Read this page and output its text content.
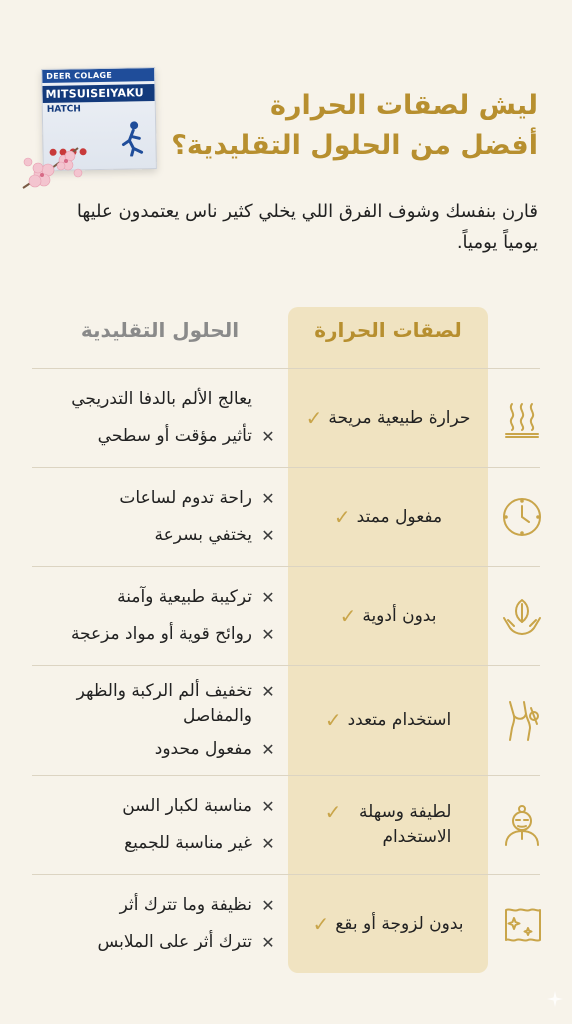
DEER COLAGE
MITSUISEIYAKU
HATCH	ليش لصقات الحرارة
أفضل من الحلول التقليدية؟
قارن بنفسك وشوف الفرق اللي يخلي كثير ناس يعتمدون عليها يومياً يومياً.
الحلول التقليدية	لصقات الحرارة
يعالج الألم بالدفا التدريجي
✕
تأثير مؤقت أو سطحي
حرارة طبيعية مريحة
✓
✕
راحة تدوم لساعات
✕
يختفي بسرعة
مفعول ممتد
✓
✕
تركيبة طبيعية وآمنة
✕
روائح قوية أو مواد مزعجة
بدون أدوية
✓
✕
تخفيف ألم الركبة والظهر والمفاصل
✕
مفعول محدود
استخدام متعدد
✓
✕
مناسبة لكبار السن
✕
غير مناسبة للجميع
لطيفة وسهلة الاستخدام
✓
✕
نظيفة وما تترك أثر
✕
تترك أثر على الملابس
بدون لزوجة أو بقع
✓
